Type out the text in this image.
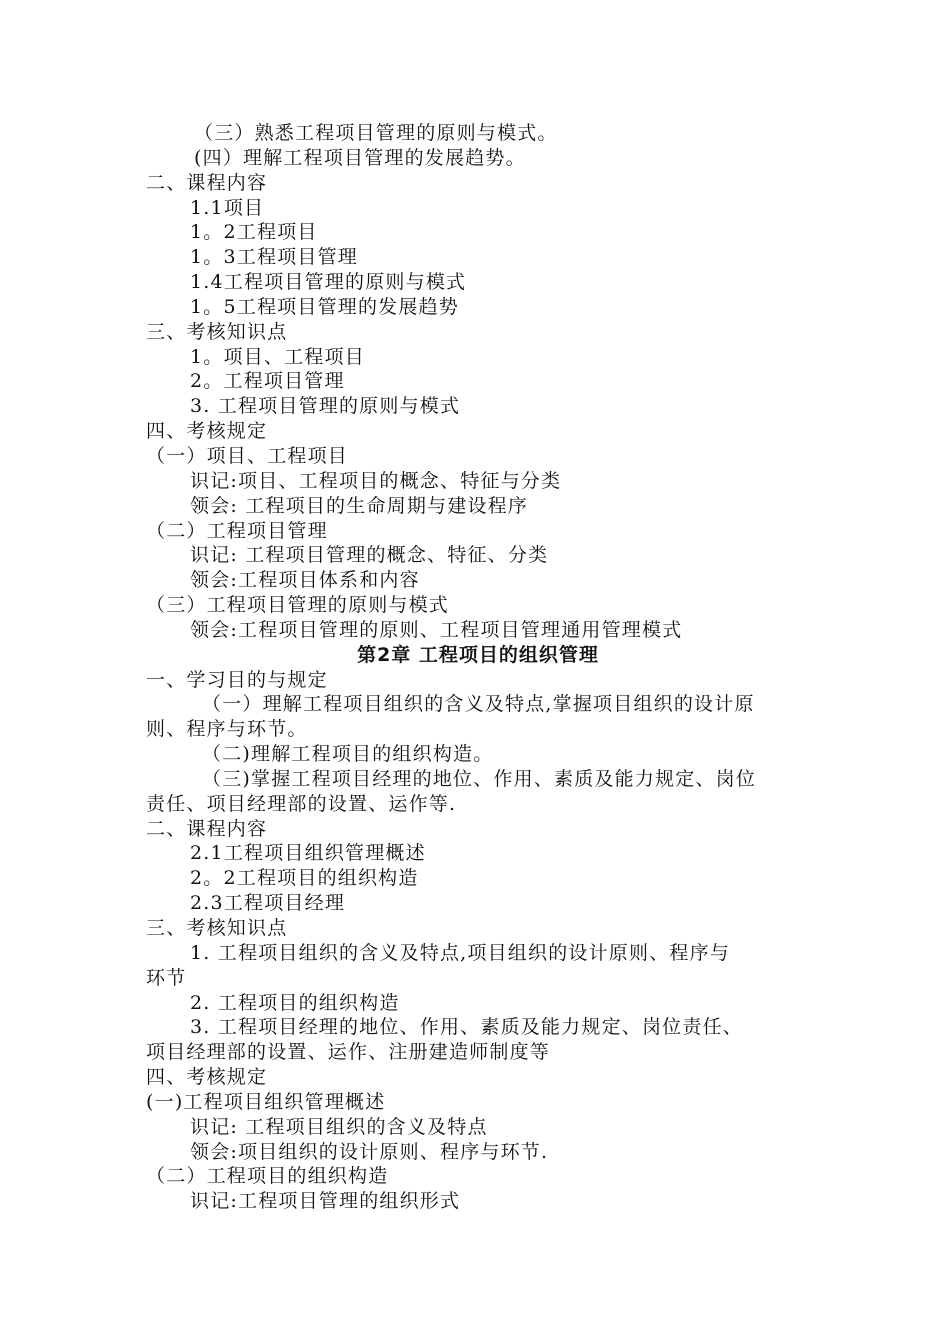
（三）熟悉工程项目管理的原则与模式。
(四）理解工程项目管理的发展趋势。
二、课程内容
1.1项目
1。2工程项目
1。3工程项目管理
1.4工程项目管理的原则与模式
1。5工程项目管理的发展趋势
三、考核知识点
1。项目、工程项目
2。工程项目管理
3. 工程项目管理的原则与模式
四、考核规定
（一）项目、工程项目
识记:项目、工程项目的概念、特征与分类
领会: 工程项目的生命周期与建设程序
（二）工程项目管理
识记: 工程项目管理的概念、特征、分类
领会:工程项目体系和内容
（三）工程项目管理的原则与模式
领会:工程项目管理的原则、工程项目管理通用管理模式
第2章 工程项目的组织管理
一、学习目的与规定
（一）理解工程项目组织的含义及特点,掌握项目组织的设计原
则、程序与环节。
（二)理解工程项目的组织构造。
（三)掌握工程项目经理的地位、作用、素质及能力规定、岗位
责任、项目经理部的设置、运作等.
二、课程内容
2.1工程项目组织管理概述
2。2工程项目的组织构造
2.3工程项目经理
三、考核知识点
1. 工程项目组织的含义及特点,项目组织的设计原则、程序与
环节
2. 工程项目的组织构造
3. 工程项目经理的地位、作用、素质及能力规定、岗位责任、
项目经理部的设置、运作、注册建造师制度等
四、考核规定
(一)工程项目组织管理概述
识记: 工程项目组织的含义及特点
领会:项目组织的设计原则、程序与环节.
（二）工程项目的组织构造
识记:工程项目管理的组织形式
